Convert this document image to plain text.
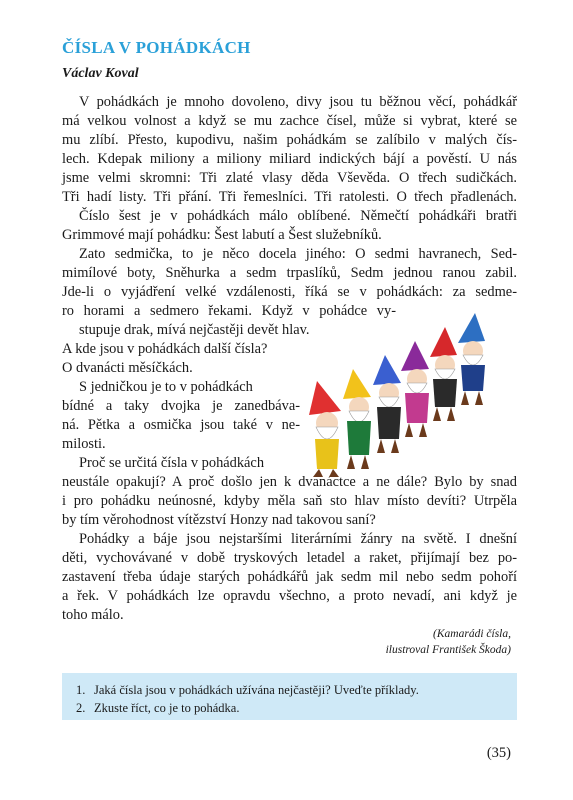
ČÍSLA V POHÁDKÁCH

Václav Koval

V pohádkách je mnoho dovoleno, divy jsou tu běžnou věcí, pohádkář

má velkou volnost a když se mu zachce čísel, může si vybrat, které se

mu zlíbí. Přesto, kupodivu, našim pohádkám se zalíbilo v malých čís-

lech. Kdepak miliony a miliony miliard indických bájí a pověstí. U nás

jsme velmi skromni: Tři zlaté vlasy děda Vševěda. O třech sudičkách.

Tři hadí listy. Tři přání. Tři řemeslníci. Tři ratolesti. O třech přadlenách.

Číslo šest je v pohádkách málo oblíbené. Němečtí pohádkáři bratři

Grimmové mají pohádku: Šest labutí a Šest služebníků.

Zato sedmička, to je něco docela jiného: O sedmi havranech, Sed-

mimílové boty, Sněhurka a sedm trpaslíků, Sedm jednou ranou zabil.

Jde-li o vyjádření velké vzdálenosti, říká se v pohádkách: za sedme-

ro horami a sedmero řekami. Když v pohádce vy-

stupuje drak, mívá nejčastěji devět hlav.

A kde jsou v pohádkách další čísla?

O dvanácti měsíčkách.

S jedničkou je to v pohádkách

bídné a taky dvojka je zanedbáva-

ná. Pětka a osmička jsou také v ne-

milosti.

Proč se určitá čísla v pohádkách

neustále opakují? A proč došlo jen k dvanáctce a ne dále? Bylo by snad

i pro pohádku neúnosné, kdyby měla saň sto hlav místo devíti? Utrpěla

by tím věrohodnost vítězství Honzy nad takovou saní?

Pohádky a báje jsou nejstaršími literárními žánry na světě. I dnešní

děti, vychovávané v době tryskových letadel a raket, přijímají bez po-

zastavení třeba údaje starých pohádkářů jak sedm mil nebo sedm pohoří

a řek. V pohádkách lze opravdu všechno, a proto nevadí, ani když je

toho málo.

(Kamarádi čísla,
ilustroval František Škoda)

1. Jaká čísla jsou v pohádkách užívána nejčastěji? Uveďte příklady.

2. Zkuste říct, co je to pohádka.

(35)
